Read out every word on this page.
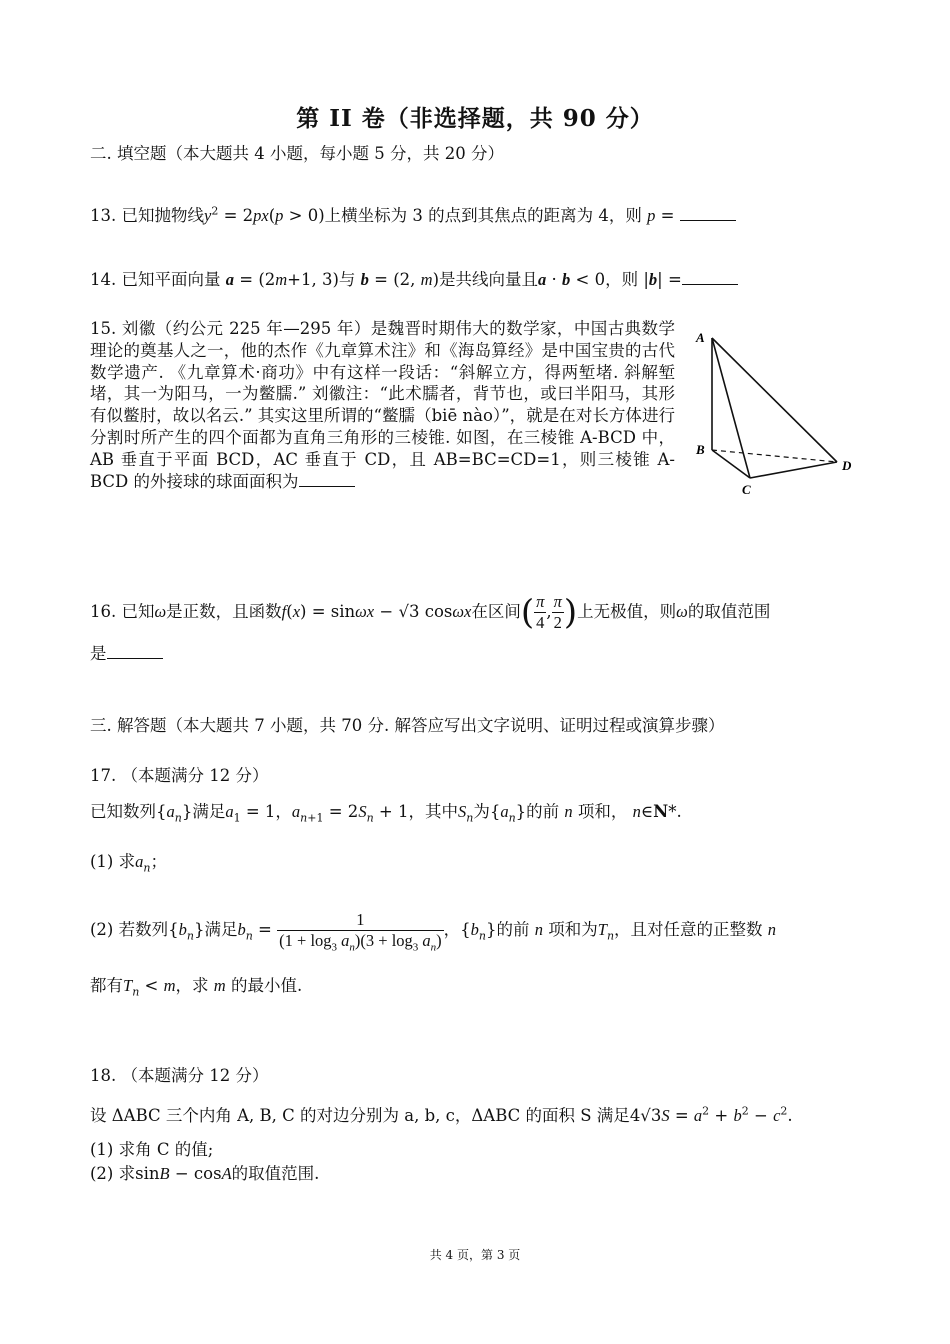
第 II 卷（非选择题，共 90 分）
二. 填空题（本大题共 4 小题，每小题 5 分，共 20 分）
13. 已知抛物线$y^2 = 2px(p > 0)$上横坐标为 3 的点到其焦点的距离为 4，则 p =
14. 已知平面向量 a = (2m+1, 3)与 b = (2, m)是共线向量且a · b < 0，则 |b| =
15. 刘徽（约公元 225 年—295 年）是魏晋时期伟大的数学家，中国古典数学理论的奠基人之一，他的杰作《九章算术注》和《海岛算经》是中国宝贵的古代数学遗产. 《九章算术·商功》中有这样一段话：“斜解立方，得两堑堵. 斜解堑堵，其一为阳马，一为鳖臑.” 刘徽注：“此术臑者，背节也，或曰半阳马，其形有似鳖肘，故以名云.” 其实这里所谓的“鳖臑（biē nào）”，就是在对长方体进行分割时所产生的四个面都为直角三角形的三棱锥. 如图，在三棱锥 A-BCD 中，AB 垂直于平面 BCD，AC 垂直于 CD，且 AB=BC=CD=1，则三棱锥 A-BCD 的外接球的球面面积为
A
B
C
D
16. 已知ω是正数，且函数f(x) = sinωx − √3 cosωx在区间( $\frac{\pi}{4}$ , $\frac{\pi}{2}$ )上无极值，则ω的取值范围
是
三. 解答题（本大题共 7 小题，共 70 分. 解答应写出文字说明、证明过程或演算步骤）
17. （本题满分 12 分）
已知数列$\{a_n\}$满足$a_1 = 1$，$a_{n+1} = 2S_n + 1$，其中$S_n$为$\{a_n\}$的前 n 项和， n∈N*.
(1) 求$a_n$；
(2) 若数列$\{b_n\}$满足$b_n = \frac{1}{(1 + \log_3 a_n)(3 + \log_3 a_n)}$ ，$\{b_n\}$的前 n 项和为$T_n$，且对任意的正整数 n
都有$T_n < m$，求 m 的最小值.
18. （本题满分 12 分）
设 ΔABC 三个内角 A, B, C 的对边分别为 a, b, c，ΔABC 的面积 S 满足$4√3S = a^2 + b^2 - c^2$.
(1) 求角 C 的值;
(2) 求sinB − cosA的取值范围.
共 4 页，第 3 页
